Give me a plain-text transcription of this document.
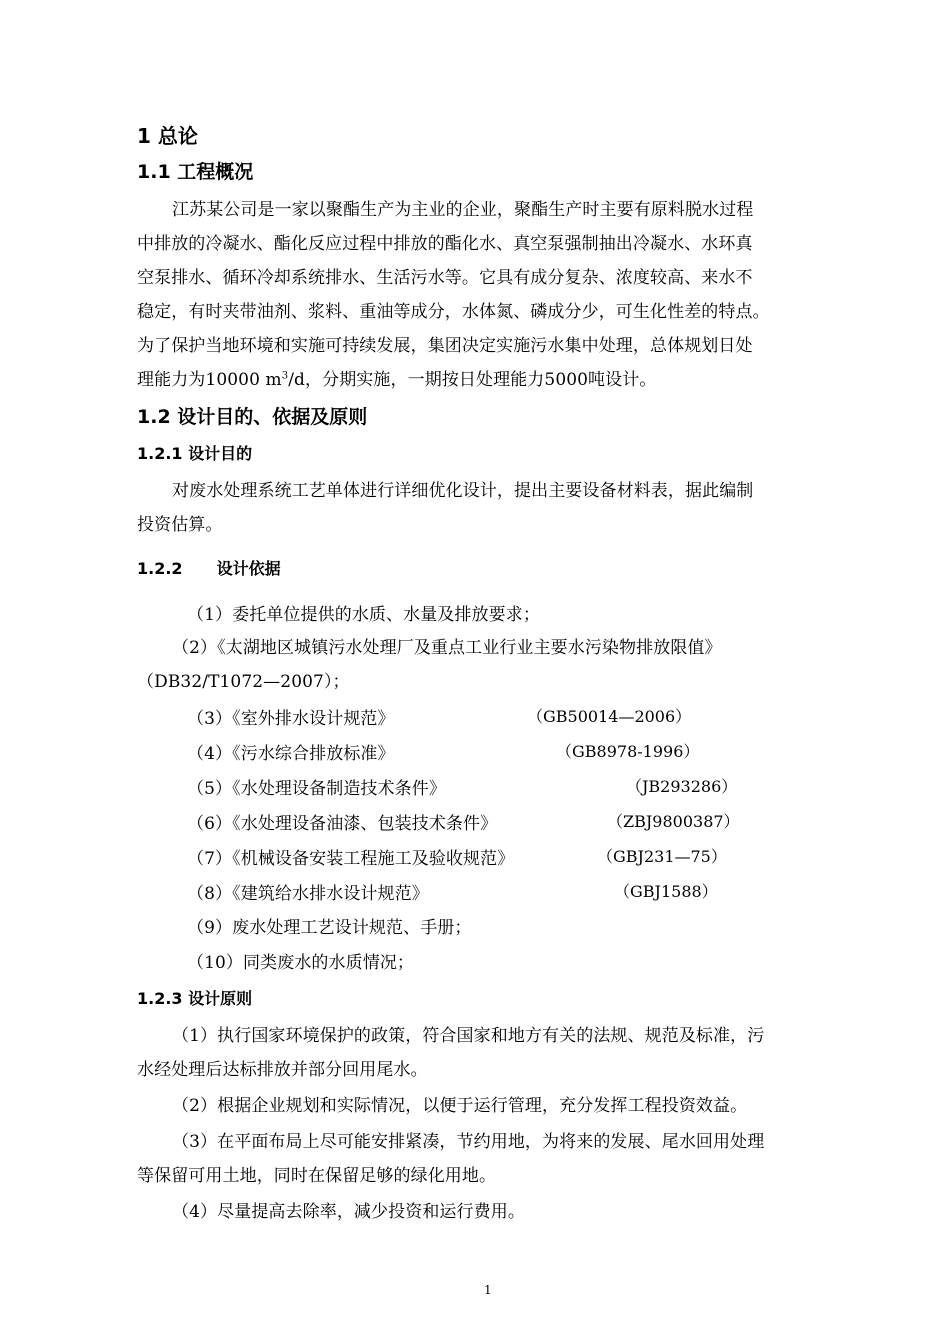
1 总论
1.1 工程概况
江苏某公司是一家以聚酯生产为主业的企业，聚酯生产时主要有原料脱水过程
中排放的冷凝水、酯化反应过程中排放的酯化水、真空泵强制抽出冷凝水、水环真
空泵排水、循环冷却系统排水、生活污水等。它具有成分复杂、浓度较高、来水不
稳定，有时夹带油剂、浆料、重油等成分，水体氮、磷成分少，可生化性差的特点。
为了保护当地环境和实施可持续发展，集团决定实施污水集中处理，总体规划日处
理能力为10000 $m^3/d$，分期实施，一期按日处理能力5000吨设计。
1.2 设计目的、依据及原则
1.2.1 设计目的
对废水处理系统工艺单体进行详细优化设计，提出主要设备材料表，据此编制
投资估算。
1.2.2 设计依据
（1）委托单位提供的水质、水量及排放要求；
（2）《太湖地区城镇污水处理厂及重点工业行业主要水污染物排放限值》
（DB32/T1072—2007）；
（3）《室外排水设计规范》	（GB50014—2006）
（4）《污水综合排放标准》	（GB8978-1996）
（5）《水处理设备制造技术条件》	（JB293286）
（6）《水处理设备油漆、包装技术条件》	（ZBJ9800387）
（7）《机械设备安装工程施工及验收规范》	（GBJ231—75）
（8）《建筑给水排水设计规范》	（GBJ1588）
（9）废水处理工艺设计规范、手册；
（10）同类废水的水质情况；
1.2.3 设计原则
（1）执行国家环境保护的政策，符合国家和地方有关的法规、规范及标准，污
水经处理后达标排放并部分回用尾水。
（2）根据企业规划和实际情况，以便于运行管理，充分发挥工程投资效益。
（3）在平面布局上尽可能安排紧凑，节约用地，为将来的发展、尾水回用处理
等保留可用土地，同时在保留足够的绿化用地。
（4）尽量提高去除率，减少投资和运行费用。
1
